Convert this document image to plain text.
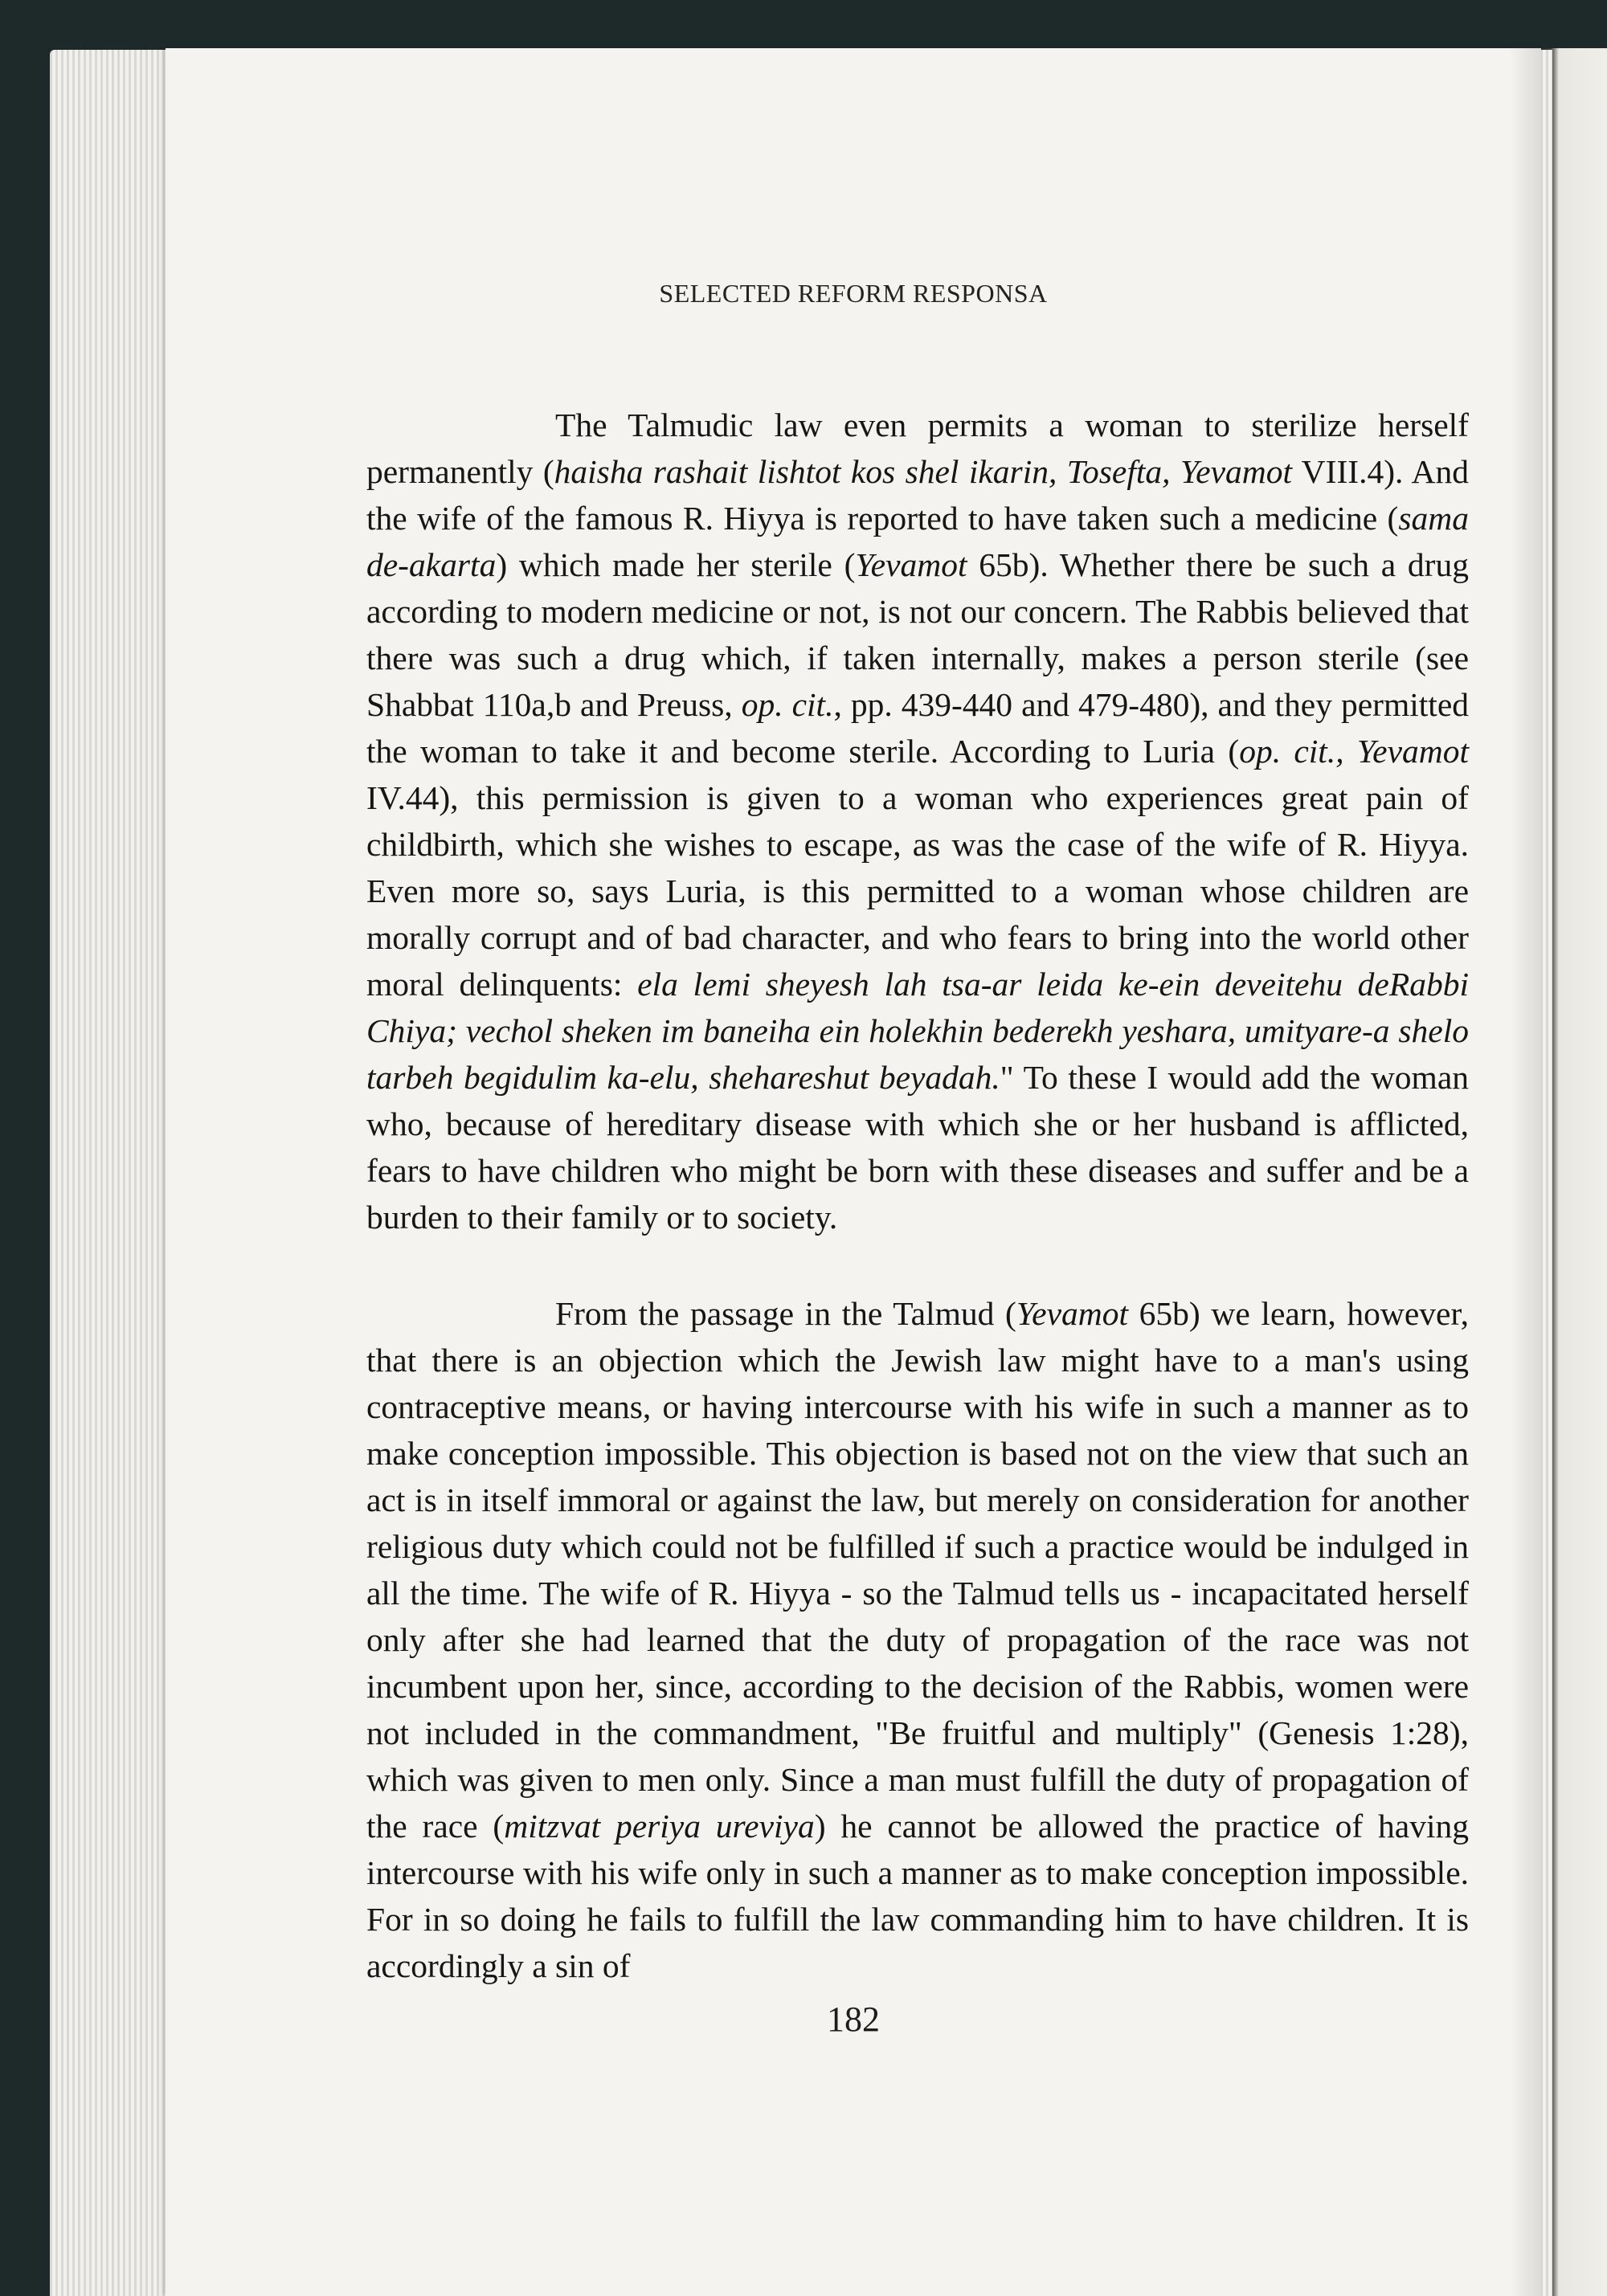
SELECTED REFORM RESPONSA

The Talmudic law even permits a woman to sterilize herself permanently (haisha rashait lishtot kos shel ikarin, Tosefta, Yevamot VIII.4). And the wife of the famous R. Hiyya is reported to have taken such a medicine (sama de-akarta) which made her sterile (Yevamot 65b). Whether there be such a drug according to modern medicine or not, is not our concern. The Rabbis believed that there was such a drug which, if taken internally, makes a person sterile (see Shabbat 110a,b and Preuss, op. cit., pp. 439-440 and 479-480), and they permitted the woman to take it and become sterile. According to Luria (op. cit., Yevamot IV.44), this permission is given to a woman who experiences great pain of childbirth, which she wishes to escape, as was the case of the wife of R. Hiyya. Even more so, says Luria, is this permitted to a woman whose children are morally corrupt and of bad character, and who fears to bring into the world other moral delinquents: ela lemi sheyesh lah tsa-ar leida ke-ein deveitehu deRabbi Chiya; vechol sheken im baneiha ein holekhin bederekh yeshara, umityare-a shelo tarbeh begidulim ka-elu, shehareshut beyadah." To these I would add the woman who, because of hereditary disease with which she or her husband is afflicted, fears to have children who might be born with these diseases and suffer and be a burden to their family or to society.

From the passage in the Talmud (Yevamot 65b) we learn, however, that there is an objection which the Jewish law might have to a man's using contraceptive means, or having intercourse with his wife in such a manner as to make conception impossible. This objection is based not on the view that such an act is in itself immoral or against the law, but merely on consideration for another religious duty which could not be fulfilled if such a practice would be indulged in all the time. The wife of R. Hiyya - so the Talmud tells us - incapacitated herself only after she had learned that the duty of propagation of the race was not incumbent upon her, since, according to the decision of the Rabbis, women were not included in the commandment, "Be fruitful and multiply" (Genesis 1:28), which was given to men only. Since a man must fulfill the duty of propagation of the race (mitzvat periya ureviya) he cannot be allowed the practice of having intercourse with his wife only in such a manner as to make conception impossible. For in so doing he fails to fulfill the law commanding him to have children. It is accordingly a sin of

182
